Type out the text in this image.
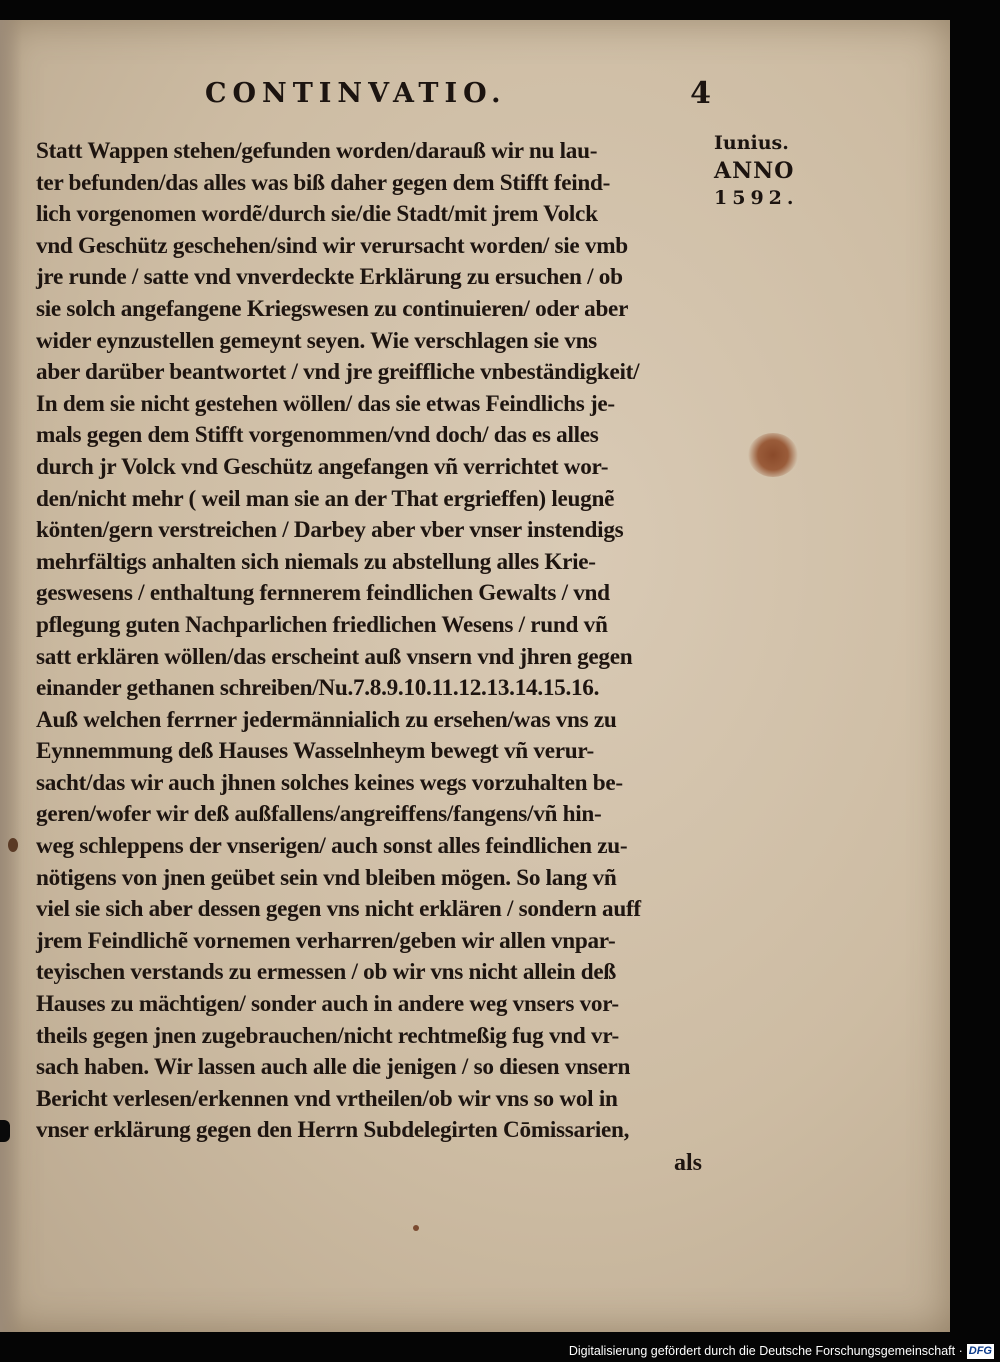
CONTINVATIO.	4
Iunius.
ANNO
1592.
Statt Wappen stehen/gefunden worden/darauß wir nu lau-
ter befunden/das alles was biß daher gegen dem Stifft feind-
lich vorgenomen wordẽ/durch sie/die Stadt/mit jrem Volck
vnd Geschütz geschehen/sind wir verursacht worden/ sie vmb
jre runde / satte vnd vnverdeckte Erklärung zu ersuchen / ob
sie solch angefangene Kriegswesen zu continuieren/ oder aber
wider eynzustellen gemeynt seyen. Wie verschlagen sie vns
aber darüber beantwortet / vnd jre greiffliche vnbeständigkeit/
In dem sie nicht gestehen wöllen/ das sie etwas Feindlichs je-
mals gegen dem Stifft vorgenommen/vnd doch/ das es alles
durch jr Volck vnd Geschütz angefangen vñ verrichtet wor-
den/nicht mehr ( weil man sie an der That ergrieffen) leugnẽ
könten/gern verstreichen / Darbey aber vber vnser instendigs
mehrfältigs anhalten sich niemals zu abstellung alles Krie-
geswesens / enthaltung fernnerem feindlichen Gewalts / vnd
pflegung guten Nachparlichen friedlichen Wesens / rund vñ
satt erklären wöllen/das erscheint auß vnsern vnd jhren gegen
einander gethanen schreiben/Nu.7.8.9.10.11.12.13.14.15.16.
Auß welchen ferrner jedermännialich zu ersehen/was vns zu
Eynnemmung deß Hauses Wasselnheym bewegt vñ verur-
sacht/das wir auch jhnen solches keines wegs vorzuhalten be-
geren/wofer wir deß außfallens/angreiffens/fangens/vñ hin-
weg schleppens der vnserigen/ auch sonst alles feindlichen zu-
nötigens von jnen geübet sein vnd bleiben mögen. So lang vñ
viel sie sich aber dessen gegen vns nicht erklären / sondern auff
jrem Feindlichẽ vornemen verharren/geben wir allen vnpar-
teyischen verstands zu ermessen / ob wir vns nicht allein deß
Hauses zu mächtigen/ sonder auch in andere weg vnsers vor-
theils gegen jnen zugebrauchen/nicht rechtmeßig fug vnd vr-
sach haben. Wir lassen auch alle die jenigen / so diesen vnsern
Bericht verlesen/erkennen vnd vrtheilen/ob wir vns so wol in
vnser erklärung gegen den Herrn Subdelegirten Cōmissarien,
als
Digitalisierung gefördert durch die Deutsche Forschungsgemeinschaft · DFG
